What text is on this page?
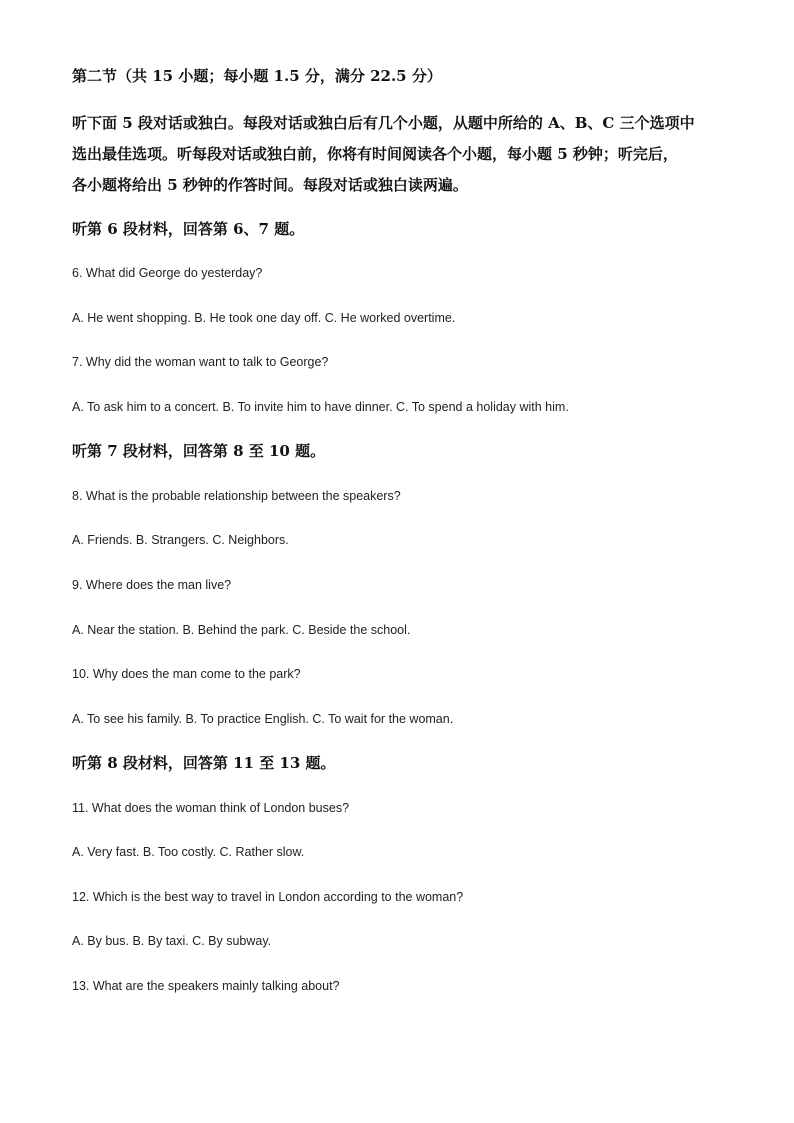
第二节（共 15 小题；每小题 1.5 分，满分 22.5 分）
听下面 5 段对话或独白。每段对话或独白后有几个小题，从题中所给的 A、B、C 三个选项中
选出最佳选项。听每段对话或独白前，你将有时间阅读各个小题，每小题 5 秒钟；听完后，
各小题将给出 5 秒钟的作答时间。每段对话或独白读两遍。
听第 6 段材料，回答第 6、7 题。
6. What did George do yesterday?
A. He went shopping. B. He took one day off. C. He worked overtime.
7. Why did the woman want to talk to George?
A. To ask him to a concert. B. To invite him to have dinner. C. To spend a holiday with him.
听第 7 段材料，回答第 8 至 10 题。
8. What is the probable relationship between the speakers?
A. Friends. B. Strangers. C. Neighbors.
9. Where does the man live?
A. Near the station. B. Behind the park. C. Beside the school.
10. Why does the man come to the park?
A. To see his family. B. To practice English. C. To wait for the woman.
听第 8 段材料，回答第 11 至 13 题。
11. What does the woman think of London buses?
A. Very fast. B. Too costly. C. Rather slow.
12. Which is the best way to travel in London according to the woman?
A. By bus. B. By taxi. C. By subway.
13. What are the speakers mainly talking about?
